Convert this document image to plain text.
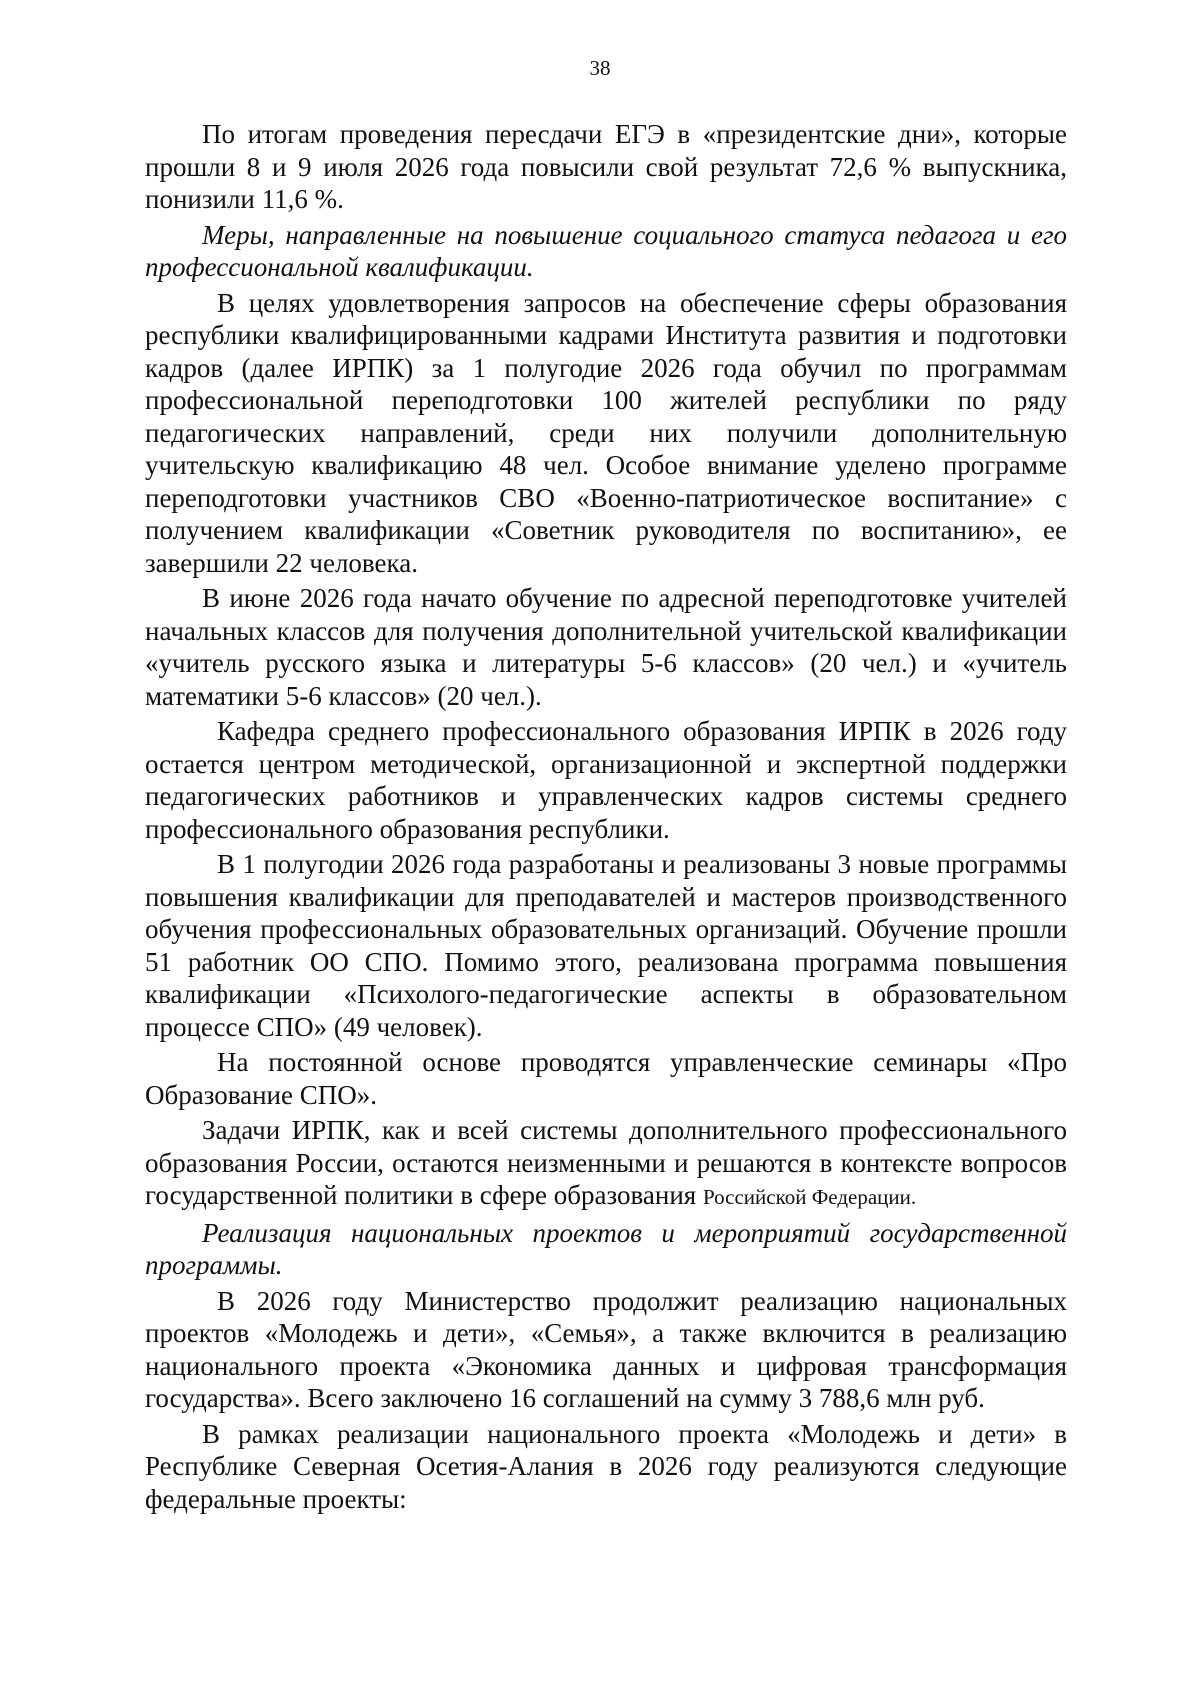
38

По итогам проведения пересдачи ЕГЭ в «президентские дни», которые прошли 8 и 9 июля 2026 года повысили свой результат 72,6 % выпускника, понизили 11,6 %.

Меры, направленные на повышение социального статуса педагога и его профессиональной квалификации.

В целях удовлетворения запросов на обеспечение сферы образования республики квалифицированными кадрами Института развития и подготовки кадров (далее ИРПК) за 1 полугодие 2026 года обучил по программам профессиональной переподготовки 100 жителей республики по ряду педагогических направлений, среди них получили дополнительную учительскую квалификацию 48 чел. Особое внимание уделено программе переподготовки участников СВО «Военно-патриотическое воспитание» с получением квалификации «Советник руководителя по воспитанию», ее завершили 22 человека.

В июне 2026 года начато обучение по адресной переподготовке учителей начальных классов для получения дополнительной учительской квалификации «учитель русского языка и литературы 5-6 классов» (20 чел.) и «учитель математики 5-6 классов» (20 чел.).

Кафедра среднего профессионального образования ИРПК в 2026 году остается центром методической, организационной и экспертной поддержки педагогических работников и управленческих кадров системы среднего профессионального образования республики.

В 1 полугодии 2026 года разработаны и реализованы 3 новые программы повышения квалификации для преподавателей и мастеров производственного обучения профессиональных образовательных организаций. Обучение прошли 51 работник ОО СПО. Помимо этого, реализована программа повышения квалификации «Психолого-педагогические аспекты в образовательном процессе СПО» (49 человек).

На постоянной основе проводятся управленческие семинары «Про Образование СПО».

Задачи ИРПК, как и всей системы дополнительного профессионального образования России, остаются неизменными и решаются в контексте вопросов государственной политики в сфере образования Российской Федерации.

Реализация национальных проектов и мероприятий государственной программы.

В 2026 году Министерство продолжит реализацию национальных проектов «Молодежь и дети», «Семья», а также включится в реализацию национального проекта «Экономика данных и цифровая трансформация государства». Всего заключено 16 соглашений на сумму 3 788,6 млн руб.

В рамках реализации национального проекта «Молодежь и дети» в Республике Северная Осетия-Алания в 2026 году реализуются следующие федеральные проекты:
